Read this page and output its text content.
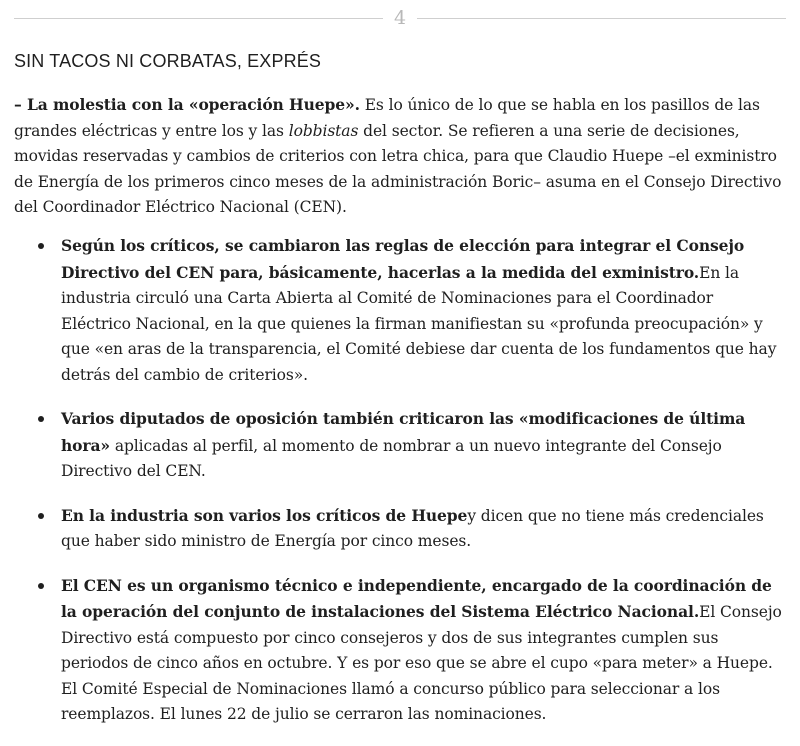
4
SIN TACOS NI CORBATAS, EXPRÉS

– La molestia con la «operación Huepe». Es lo único de lo que se habla en los pasillos de las grandes eléctricas y entre los y las lobbistas del sector. Se refieren a una serie de decisiones, movidas reservadas y cambios de criterios con letra chica, para que Claudio Huepe –el exministro de Energía de los primeros cinco meses de la administración Boric– asuma en el Consejo Directivo del Coordinador Eléctrico Nacional (CEN).

Según los críticos, se cambiaron las reglas de elección para integrar el Consejo Directivo del CEN para, básicamente, hacerlas a la medida del exministro.En la industria circuló una Carta Abierta al Comité de Nominaciones para el Coordinador Eléctrico Nacional, en la que quienes la firman manifiestan su «profunda preocupación» y que «en aras de la transparencia, el Comité debiese dar cuenta de los fundamentos que hay detrás del cambio de criterios».
Varios diputados de oposición también criticaron las «modificaciones de última hora» aplicadas al perfil, al momento de nombrar a un nuevo integrante del Consejo Directivo del CEN.
En la industria son varios los críticos de Huepey dicen que no tiene más credenciales que haber sido ministro de Energía por cinco meses.
El CEN es un organismo técnico e independiente, encargado de la coordinación de la operación del conjunto de instalaciones del Sistema Eléctrico Nacional.El Consejo Directivo está compuesto por cinco consejeros y dos de sus integrantes cumplen sus periodos de cinco años en octubre. Y es por eso que se abre el cupo «para meter» a Huepe. El Comité Especial de Nominaciones llamó a concurso público para seleccionar a los reemplazos. El lunes 22 de julio se cerraron las nominaciones.
